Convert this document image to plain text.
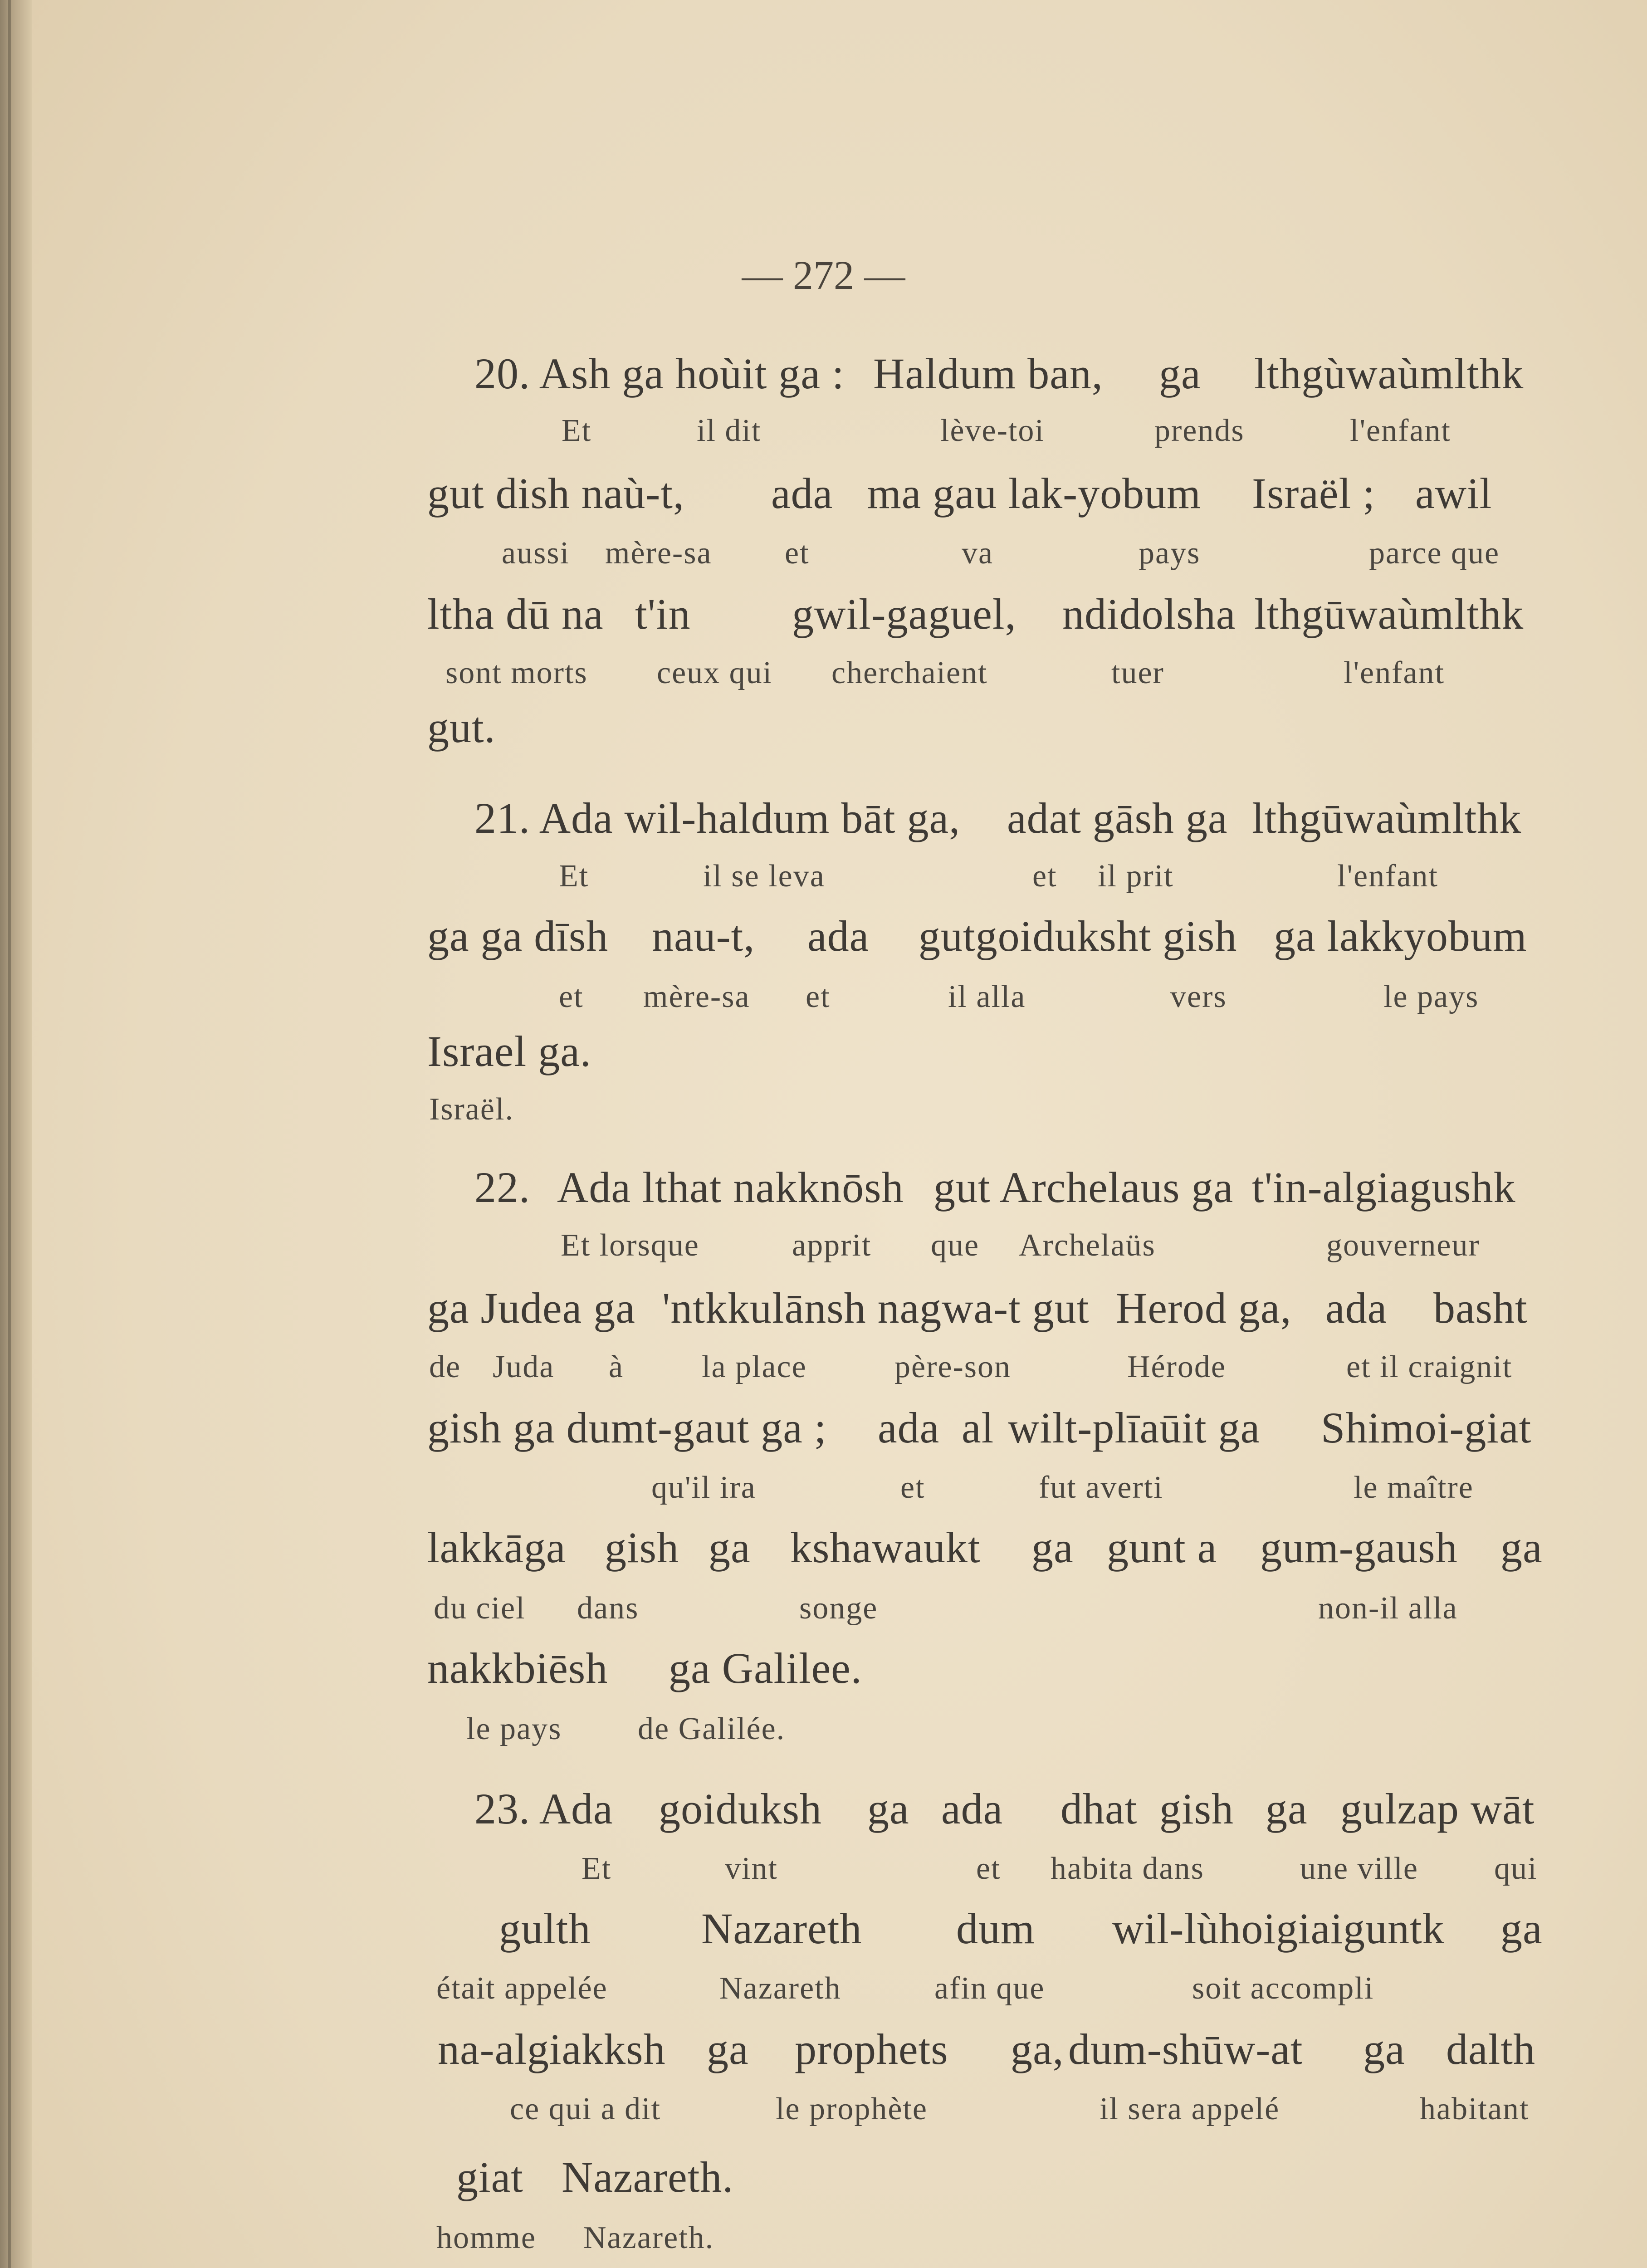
— 272 —
20. Ash ga hoùit ga : Haldum ban, ga lthgùwaùmlthk
Et	il dit	lève-toi	prends	l'enfant
gut dish naù-t, ada ma gau lak-yobum Israël ; awil
aussi mère-sa et	va	pays	parce que
ltha dū na t'in gwil-gaguel, ndidolsha lthgūwaùmlthk
sont morts ceux qui cherchaient	tuer	l'enfant
gut.
21. Ada wil-haldum bāt ga, adat gāsh ga lthgūwaùmlthk
Et	il se leva	et il prit	l'enfant
ga ga dīsh nau-t, ada gutgoiduksht gish ga lakkyobum
et mère-sa et	il alla	vers	le pays
Israel ga.
Israël.
22. Ada lthat nakknōsh gut Archelaus ga t'in-algiagushk
Et lorsque	apprit que Archelaüs	gouverneur
ga Judea ga 'ntkkulānsh nagwa-t gut Herod ga, ada basht
de Juda à la place	père-son	Hérode	et il craignit
gish ga dumt-gaut ga ; ada al wilt-plīaūit ga Shimoi-giat
qu'il ira	et	fut averti	le maître
lakkāga gish ga kshawaukt ga gunt a gum-gaush ga
du ciel dans	songe	non-il alla
nakkbiēsh ga Galilee.
le pays de Galilée.
23. Ada goiduksh ga ada dhat gish ga gulzap wāt
Et	vint	et habita dans	une ville qui
gulth	Nazareth dum wil-lùhoigiaiguntk ga
était appelée	Nazareth	afin que	soit accompli
na-algiakksh ga prophets ga, dum-shūw-at ga dalth
ce qui a dit	le prophète	il sera appelé	habitant
giat Nazareth.
homme Nazareth.
